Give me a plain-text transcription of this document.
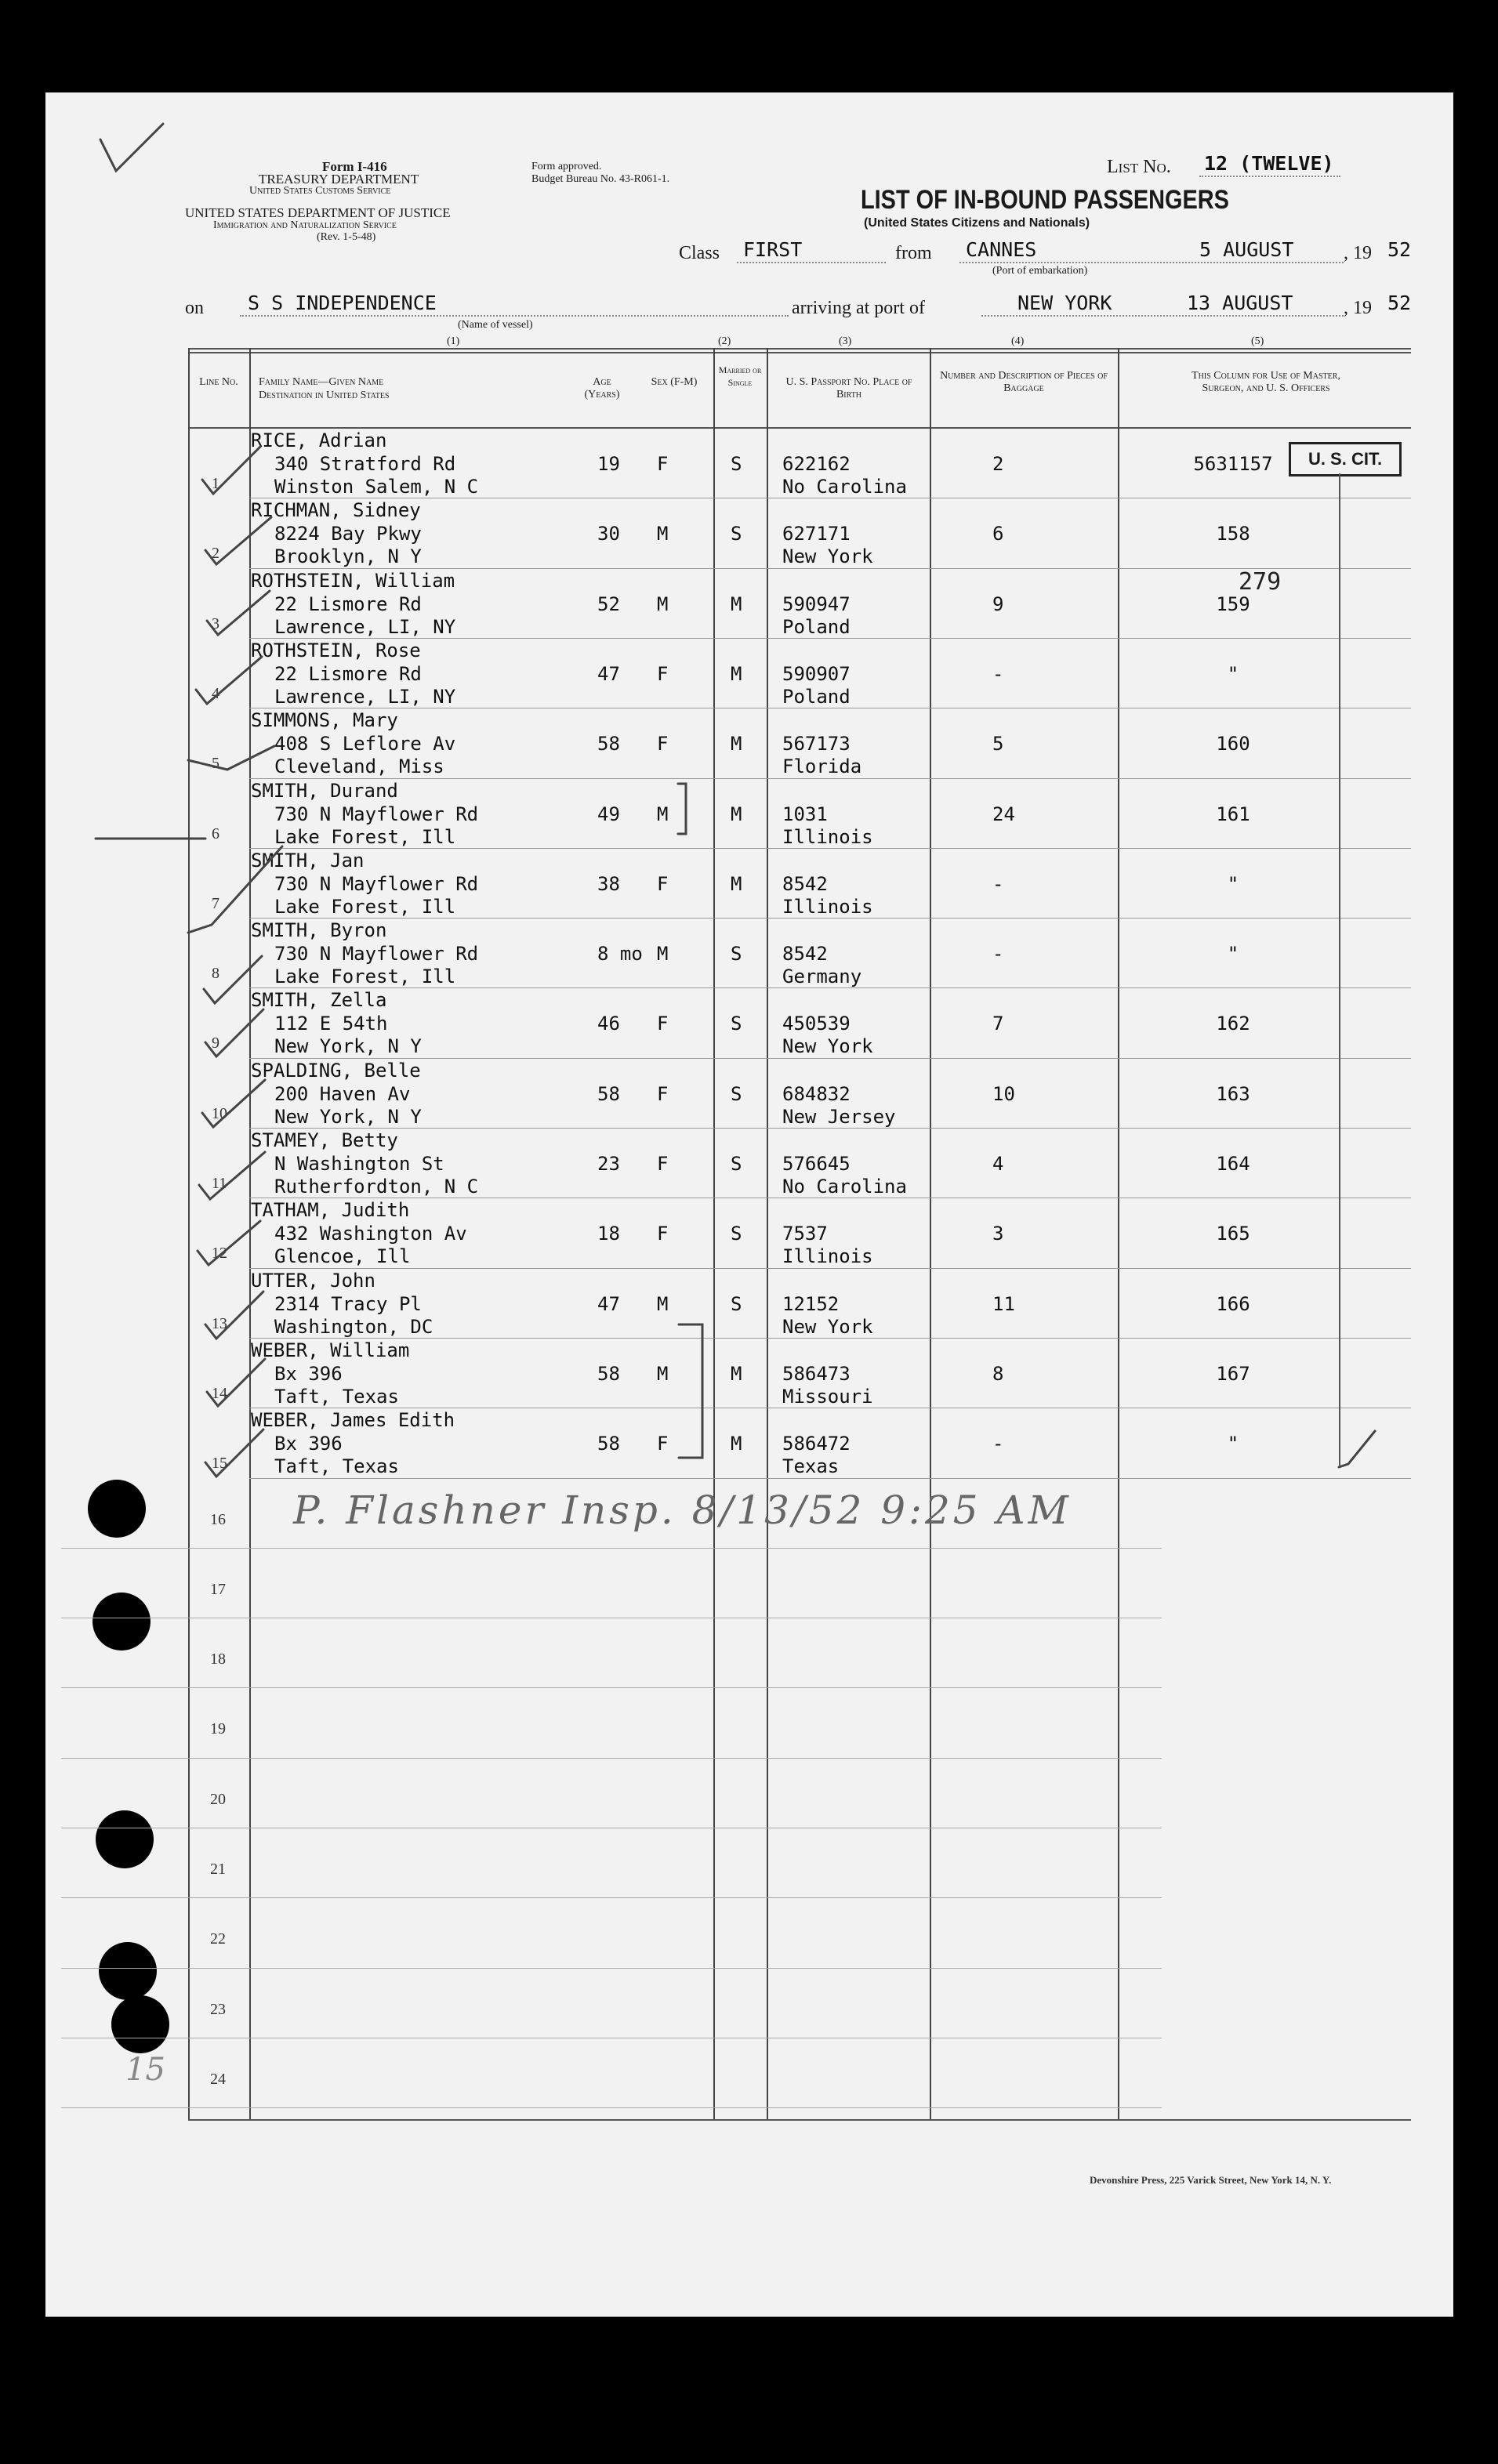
Form I-416
TREASURY DEPARTMENT
United States Customs Service
UNITED STATES DEPARTMENT OF JUSTICE
Immigration and Naturalization Service
(Rev. 1-5-48)
Form approved.
Budget Bureau No. 43-R061-1.
List No. 12 (TWELVE)
LIST OF IN-BOUND PASSENGERS
(United States Citizens and Nationals)
Class FIRST	from CANNES	5 AUGUST	, 19 52
(Port of embarkation)
on S S INDEPENDENCE
(Name of vessel)
arriving at port of	NEW YORK	13 AUGUST	, 19 52
(1)	(2)	(3)	(4)	(5)
Line No.	Family Name—Given Name
Destination in United States
Age (Years)
Sex (F-M)
Married or Single	U. S. Passport No. Place of Birth
Number and Description of Pieces of Baggage
This Column for Use of Master, Surgeon, and U. S. Officers
1
RICE, Adrian
340 Stratford Rd
Winston Salem, N C
19 F	S 622162
No Carolina
2	5631157
2
RICHMAN, Sidney
8224 Bay Pkwy
Brooklyn, N Y
30 M	S 627171
New York
6	158
3
ROTHSTEIN, William
22 Lismore Rd
Lawrence, LI, NY
52 M	M 590947
Poland
9	159
4
ROTHSTEIN, Rose
22 Lismore Rd
Lawrence, LI, NY
47 F	M 590907
Poland
-	"
5
SIMMONS, Mary
408 S Leflore Av
Cleveland, Miss
58 F	M 567173
Florida
5	160
6
SMITH, Durand
730 N Mayflower Rd
Lake Forest, Ill
49 M	M 1031
Illinois
24	161
7
SMITH, Jan
730 N Mayflower Rd
Lake Forest, Ill
38 F	M 8542
Illinois
-	"
8
SMITH, Byron
730 N Mayflower Rd
Lake Forest, Ill
8 mo M	S 8542
Germany
-	"
9
SMITH, Zella
112 E 54th
New York, N Y
46 F	S 450539
New York
7	162
10
SPALDING, Belle
200 Haven Av
New York, N Y
58 F	S 684832
New Jersey
10	163
11
STAMEY, Betty
N Washington St
Rutherfordton, N C
23 F	S 576645
No Carolina
4	164
12
TATHAM, Judith
432 Washington Av
Glencoe, Ill
18 F	S 7537
Illinois
3	165
13
UTTER, John
2314 Tracy Pl
Washington, DC
47 M	S 12152
New York
11	166
14
WEBER, William
Bx 396
Taft, Texas
58 M	M 586473
Missouri
8	167
15
WEBER, James Edith
Bx 396
Taft, Texas
58 F	M 586472
Texas
-	"
16
17
18
19
20
21
22
23
24
U. S. CIT.
279
P. Flashner Insp. 8/13/52 9:25 AM
15
Devonshire Press, 225 Varick Street, New York 14, N. Y.
